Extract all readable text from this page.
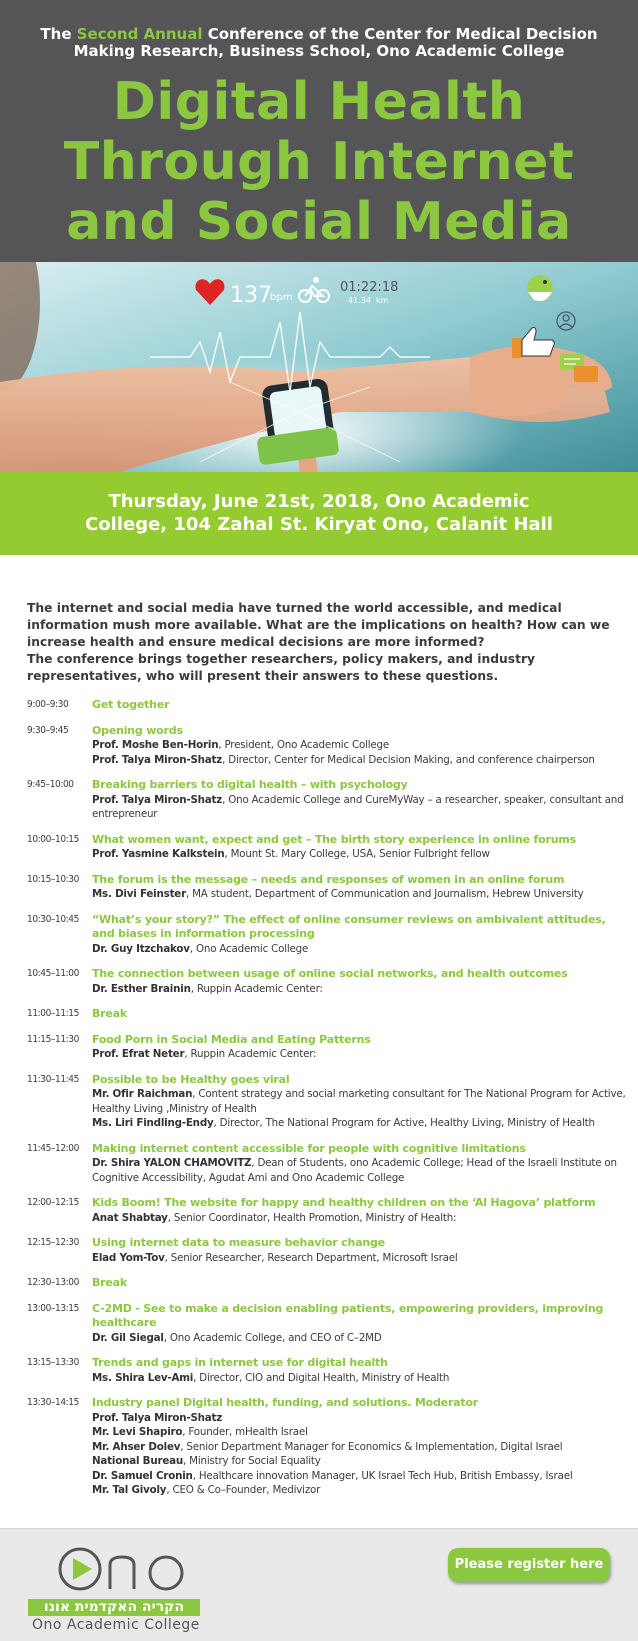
The Second Annual Conference of the Center for Medical Decision
Making Research, Business School, Ono Academic College
Digital Health
Through Internet
and Social Media
137
bpm
01:22:18
41.34 km
Thursday, June 21st, 2018, Ono Academic
College, 104 Zahal St. Kiryat Ono, Calanit Hall

The internet and social media have turned the world accessible, and medical information mush more available. What are the implications on health? How can we increase health and ensure medical decisions are more informed?

The conference brings together researchers, policy makers, and industry representatives, who will present their answers to these questions.

9:00–9:30 Get together
9:30–9:45 Opening words
Prof. Moshe Ben-Horin, President, Ono Academic College
Prof. Talya Miron-Shatz, Director, Center for Medical Decision Making, and conference chairperson
9:45–10:00 Breaking barriers to digital health – with psychology
Prof. Talya Miron-Shatz, Ono Academic College and CureMyWay – a researcher, speaker, consultant and entrepreneur
10:00–10:15 What women want, expect and get – The birth story experience in online forums
Prof. Yasmine Kalkstein, Mount St. Mary College, USA, Senior Fulbright fellow
10:15–10:30 The forum is the message – needs and responses of women in an online forum
Ms. Divi Feinster, MA student, Department of Communication and Journalism, Hebrew University
10:30–10:45 “What’s your story?” The effect of online consumer reviews on ambivalent attitudes, and biases in information processing
Dr. Guy Itzchakov, Ono Academic College
10:45–11:00 The connection between usage of online social networks, and health outcomes
Dr. Esther Brainin, Ruppin Academic Center:
11:00–11:15 Break
11:15–11:30 Food Porn in Social Media and Eating Patterns
Prof. Efrat Neter, Ruppin Academic Center:
11:30–11:45 Possible to be Healthy goes viral
Mr. Ofir Raichman, Content strategy and social marketing consultant for The National Program for Active, Healthy Living ,Ministry of Health
Ms. Liri Findling-Endy, Director, The National Program for Active, Healthy Living, Ministry of Health
11:45–12:00 Making internet content accessible for people with cognitive limitations
Dr. Shira YALON CHAMOVITZ, Dean of Students, ono Academic College; Head of the Israeli Institute on Cognitive Accessibility, Agudat Ami and Ono Academic College
12:00–12:15 Kids Boom! The website for happy and healthy children on the ‘Al Hagova’ platform
Anat Shabtay, Senior Coordinator, Health Promotion, Ministry of Health:
12:15–12:30 Using internet data to measure behavior change
Elad Yom-Tov, Senior Researcher, Research Department, Microsoft Israel
12:30–13:00 Break
13:00–13:15 C-2MD - See to make a decision enabling patients, empowering providers, improving healthcare
Dr. Gil Siegal, Ono Academic College, and CEO of C–2MD
13:15–13:30 Trends and gaps in internet use for digital health
Ms. Shira Lev-Ami, Director, CIO and Digital Health, Ministry of Health
13:30–14:15 Industry panel Digital health, funding, and solutions. Moderator
Prof. Talya Miron-Shatz
Mr. Levi Shapiro, Founder, mHealth Israel
Mr. Ahser Dolev, Senior Department Manager for Economics & Implementation, Digital Israel
National Bureau, Ministry for Social Equality
Dr. Samuel Cronin, Healthcare innovation Manager, UK Israel Tech Hub, British Embassy, Israel
Mr. Tal Givoly, CEO & Co–Founder, Medivizor
הקריה האקדמית אונו
Ono Academic College
Please register here
